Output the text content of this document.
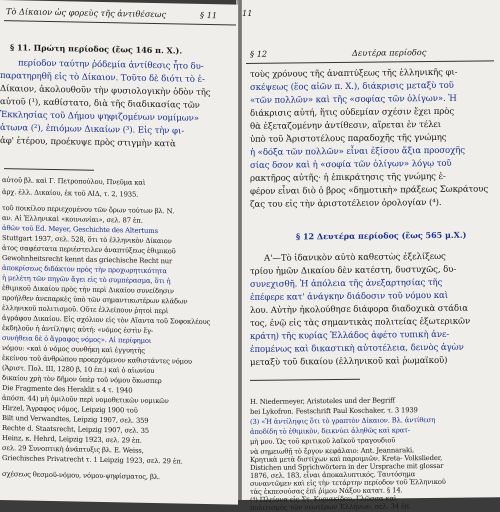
Τὸ Δίκαιον ὡς φορεὺς τῆς ἀντιθέσεως	§ 11
§ 11. Πρώτη περίοδος (ἕως 146 π. Χ.).
περίοδον ταύτην ῥόδεμία ἀντίθεσις ἦτο δυ-
παρατηρηθῆ εἰς τὸ Δίκαιον. Τοῦτο δὲ διότι τὸ ἐ-
Δίκαιον, ἀκολουθοῦν τὴν φυσιολογικὴν ὁδὸν τῆς
αὐτοῦ (¹), καθίστατο, διὰ τῆς διαδικασίας τῶν
Ἐκκλησίας τοῦ Δήμου ψηφιζομένων νομίμων»
ἀτωνα (²), ἐπιόμων Δικαίων (³). Εἰς τὴν φι-
ἀφ' ἑτέρου, προέκυψε πρὸς στιγμὴν κατὰ
αὐτοῦ βλ. καὶ Γ. Πετροπούλου, Πνεῦμα καὶ
ἀρχ. ἑλλ. Δικαίου, ἐκ τοῦ ΑΙΔ, τ. 2, 1935.
τοῦ ποικίλου περιεχομένου τῶν ὅρων τούτων βλ. Ν.
αν. Αἱ Ἑλληνικαὶ «κοινωνίαι», σελ. 87 ἑπ.
ἀθῶν τοῦ Ed. Meyer, Geschichte des Altertums
Stuttgart 1937, σελ. 528, ὅτι τὸ ἑλληνικὸν Δίκαιον
ἀτος σαφέστατα περιέστειλεν ἀναπτύξεως ἐθιμικοῦ
Gewohnheitsrecht kennt das griechische Recht nur
ἀποκρίσεως διδάκτον πρὸς τὴν προχωρητικότητα
ἡ μελέτη τῶν πηγῶν ἄγει εἰς τὸ συμπέρασμα, ὅτι ἡ
ἐθιμικοῦ Δικαίου πρὸς τὴν περὶ Δικαίου συνείδησιν
προήλθεν ἀνεπαρκὲς ὑπὸ τῶν σημαντικωτέρων κλάδων
ἑλληνικοῦ πολιτισμοῦ. Οὔτε ἐλλείπουν ῥητοὶ περὶ
ἀγράφου Δικαίου. Εἰς σχόλιον εἰς τὸν Αἴαντα τοῦ Σοφοκλέους
ἐκδηλοῦν ἡ ἀντίληψις αὐτή: «νόμος ἐστὶν ἔγ-
συνήθεια δὲ ὁ ἄγραφος νόμος». Αἱ περίφημοι
νόμου: «καὶ ὁ νόμος συνθήκη καὶ ἐγγυητὴς
ἐκείνου τοῦ ἀνθρώπου προερχόμενον καθιστάντες νόμου
(Ἀριστ. Πολ. ΙΙΙ, 1280 β, 10 ἑπ.) καὶ ὁ αἰωνίου
δικαίου χρὴ τὸν δῆμον ὑπὲρ τοῦ νόμου ὅκωσπερ
Die Fragmente des Heraklit s 4 τ. 1940
ἀπόσπ. 44) μὴ ὁμιλοῦν περὶ νομοθετικῶν νομικῶν
Hirzel, Ἄγραφος νόμος, Leipzig 1900 τοῦ
Bilt und Verwandtes, Leipzig 1907, σελ. 359
Rechte d. Staatsrecht, Leipzig 1907, σελ. 35
Heinz, κ. Hehrd, Leipzig 1923, σελ. 29 ἑπ.
σελ. 29 Συνοπτικὴ ἀνάπτυξις βλ. Ε. Weiss,
Griechisches Privatrecht τ. 1 Leipzig 1923, σελ. 29 ἑπ.
σχέσεως θεσμοῦ-νόμου, νόμου-ψηφίσματος, βλ.
§ 12	Δευτέρα περίοδος
11
τοὺς χρόνους τῆς ἀναπτύξεως τῆς ἑλληνικῆς φι-
σκέψεως (ἕος αἰῶν π. Χ.), διάκρισις μεταξὺ τοῦ
«τῶν πολλῶν» καὶ τῆς «σοφίας τῶν ὀλίγων». Ἡ
διάκρισις αὐτή, ἥτις οὐδεμίαν σχέσιν ἔχει πρὸς
θὰ ἐξεταζομένην ἀντίθεσιν, αἴρεται ἐν τέλει
ὑπὸ τοῦ Ἀριστοτέλους παραδοχῆς τῆς γνώμης
ἡ «δόξα τῶν πολλῶν» εἶναι ἐξίσου ἄξια προσοχῆς
σίας δσον καὶ ἡ «σοφία τῶν ὀλίγων» λόγῳ τοῦ
ρακτῆρος αὐτῆς· ἡ ἐπικράτησις τῆς γνώμης ἐ-
φέρον εἶναι διὸ ὁ βρος «δημοτικὴ» πράξεως Σωκράτους
ζας του εἰς τὴν ἀριστοτέλειον ὁρολογίαν (⁴).
§ 12 Δευτέρα περίοδος (ἕως 565 μ.Χ.)
Α'—Τὸ ἰδανικὸν αὐτὸ καθεστὼς ἐξελίξεως
τρίου ἡμῶν Δικαίου δὲν κατέστη, δυστυχῶς, δυ-
συνεχισθῆ. Ἡ ἀπόλεια τῆς ἀνεξαρτησίας τῆς
ἐπέφερε κατ' ἀνάγκην διάδοσιν τοῦ νόμου καὶ
λου. Αὐτὴν ἠκολούθησε διάφορα διαδοχικὰ στάδια
τος, ἐνῷ εἰς τὰς σημαντικὰς πολιτείας ἐξωτερικῶν
κράτη) τῆς κυρίας Ἑλλάδος ἀφέτο τυπικὴ ἀνε-
ἐπομένως καὶ δικαστικὴ αὐτοτέλεια, δεινὸς ἀγὼν
μεταξὺ τοῦ δικαίου (ἑλληνικοῦ καὶ ῥωμαϊκοῦ)
H. Niedermeyer, Aristoteles und der Begriff
bei Lykofron. Festschrift Paul Koschaker, τ. 3 1939
(3) «Ἡ ἀντίληψις ὅτι τὸ γραπτὸν Δίκαιον. Βλ. ἀντίθεση
ἀποδίδη τὸ ἐθιμικὸν, δεικνύει ἀληθῶς καὶ κρατ-
μὴ μου. Ὡς τοῦ κριτικοῦ λαϊκοῦ τραγουδιοῦ
νὰ σημειωθῇ τὸ ἔργον κεφάλαιο: Ant. Jeannaraki,
Κρητικὰ μετὰ διστίχων καὶ παροιμιῶν. Kreta- Volkslieder,
Distichen und Sprichwörtern in der Ursprache mit glossar
1876, σελ. 183, εἶναι ἀποκαλυπτικός. Ταυτόσημα
συναντῶμεν καὶ εἰς τὴν τετάρτην περίοδον τοῦ Ἑλληνικοῦ
τὰς ἐκπεσούσας ἐπὶ ῥίμου Νάξου κατατ. § 14.
(⁴) Πλείονα εἰς Στ. Κυριακίδου, Γλῶσσα καὶ
πολιτισμὸς τῶν νεωτέρων Ἑλλήνων, σελ. 34 ἑπ.
